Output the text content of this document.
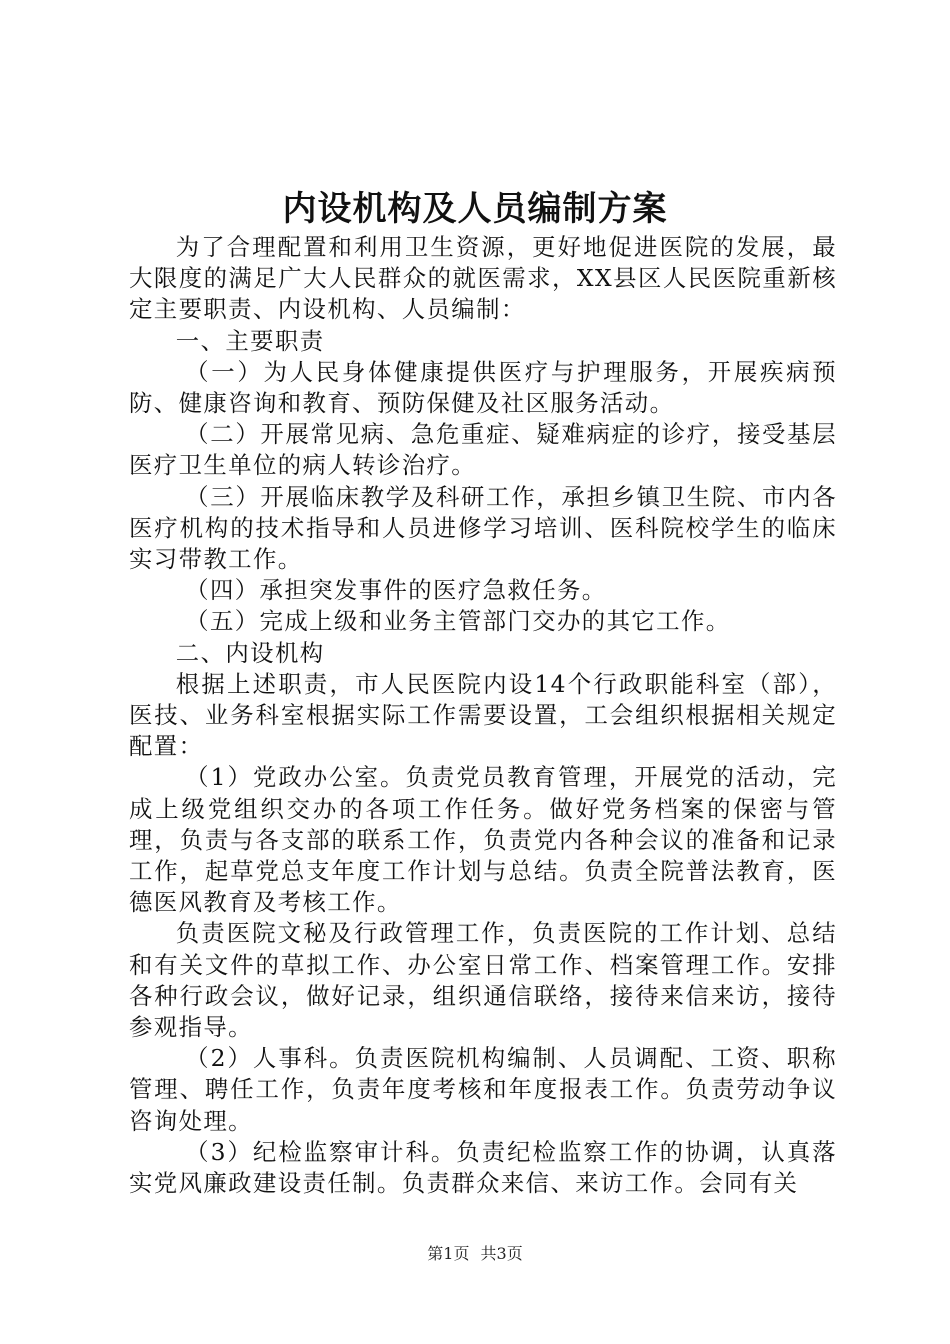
内设机构及人员编制方案

为了合理配置和利用卫生资源，更好地促进医院的发展，最大限度的满足广大人民群众的就医需求，XX县区人民医院重新核定主要职责、内设机构、人员编制：

一、主要职责

（一）为人民身体健康提供医疗与护理服务，开展疾病预防、健康咨询和教育、预防保健及社区服务活动。

（二）开展常见病、急危重症、疑难病症的诊疗，接受基层医疗卫生单位的病人转诊治疗。

（三）开展临床教学及科研工作，承担乡镇卫生院、市内各医疗机构的技术指导和人员进修学习培训、医科院校学生的临床实习带教工作。

（四）承担突发事件的医疗急救任务。

（五）完成上级和业务主管部门交办的其它工作。

二、内设机构

根据上述职责，市人民医院内设14个行政职能科室（部），医技、业务科室根据实际工作需要设置，工会组织根据相关规定配置：

（1）党政办公室。负责党员教育管理，开展党的活动，完成上级党组织交办的各项工作任务。做好党务档案的保密与管理，负责与各支部的联系工作，负责党内各种会议的准备和记录工作，起草党总支年度工作计划与总结。负责全院普法教育，医德医风教育及考核工作。

负责医院文秘及行政管理工作，负责医院的工作计划、总结和有关文件的草拟工作、办公室日常工作、档案管理工作。安排各种行政会议，做好记录，组织通信联络，接待来信来访，接待参观指导。

（2）人事科。负责医院机构编制、人员调配、工资、职称管理、聘任工作，负责年度考核和年度报表工作。负责劳动争议咨询处理。

（3）纪检监察审计科。负责纪检监察工作的协调，认真落实党风廉政建设责任制。负责群众来信、来访工作。会同有关

第1页 共3页
